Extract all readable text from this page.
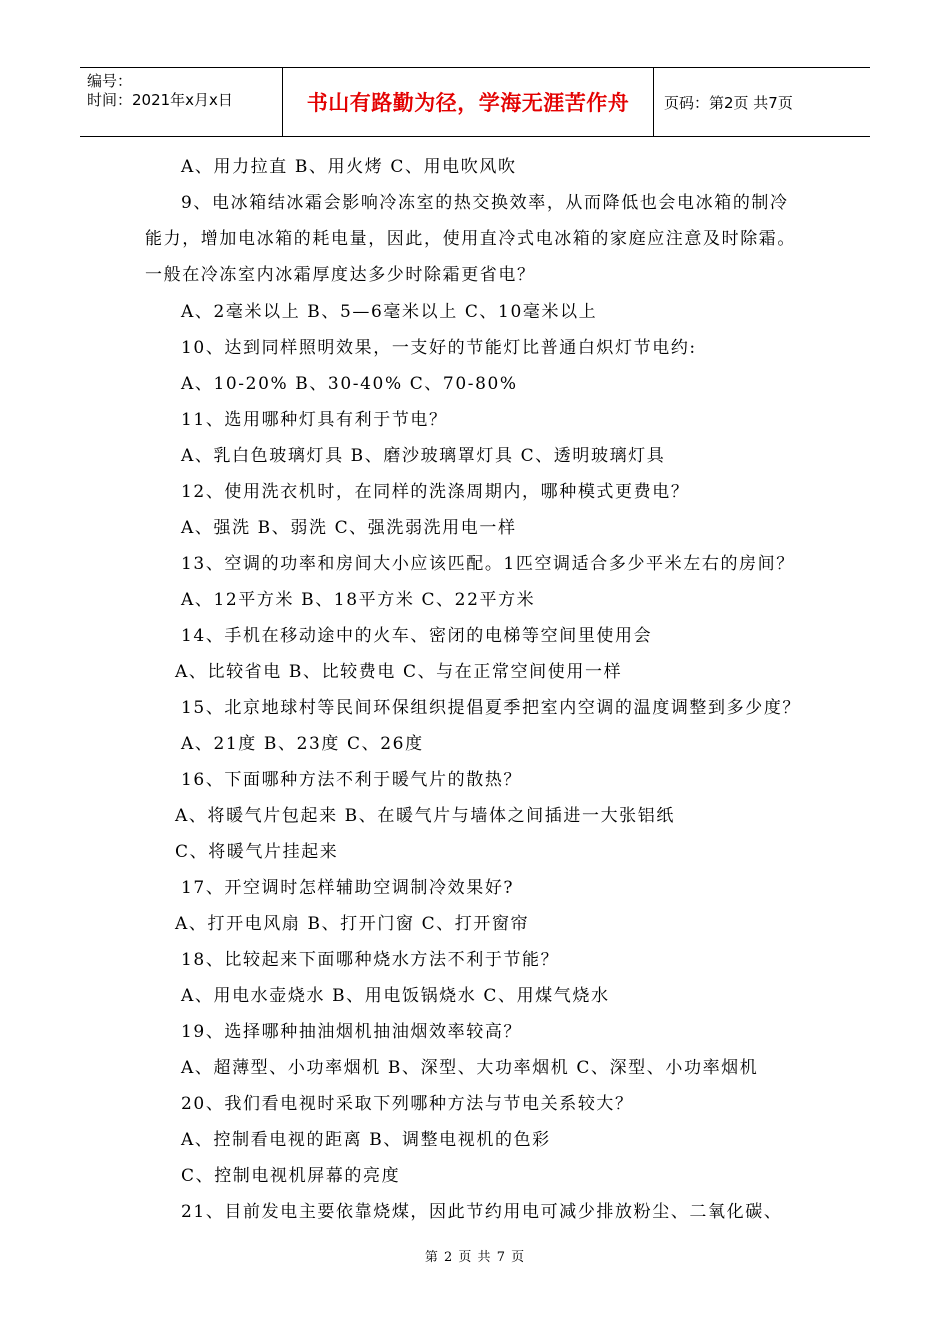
编号：
时间：2021年x月x日	书山有路勤为径，学海无涯苦作舟 页码：第2页 共7页
A、用力拉直 B、用火烤 C、用电吹风吹
9、电冰箱结冰霜会影响冷冻室的热交换效率，从而降低也会电冰箱的制冷
能力，增加电冰箱的耗电量，因此，使用直冷式电冰箱的家庭应注意及时除霜。
一般在冷冻室内冰霜厚度达多少时除霜更省电？
A、2毫米以上 B、5—6毫米以上 C、10毫米以上
10、达到同样照明效果，一支好的节能灯比普通白炽灯节电约:
A、10-20% B、30-40% C、70-80%
11、选用哪种灯具有利于节电？
A、乳白色玻璃灯具 B、磨沙玻璃罩灯具 C、透明玻璃灯具
12、使用洗衣机时，在同样的洗涤周期内，哪种模式更费电？
A、强洗 B、弱洗 C、强洗弱洗用电一样
13、空调的功率和房间大小应该匹配。1匹空调适合多少平米左右的房间？
A、12平方米 B、18平方米 C、22平方米
14、手机在移动途中的火车、密闭的电梯等空间里使用会
A、比较省电 B、比较费电 C、与在正常空间使用一样
15、北京地球村等民间环保组织提倡夏季把室内空调的温度调整到多少度？
A、21度 B、23度 C、26度
16、下面哪种方法不利于暖气片的散热？
A、将暖气片包起来 B、在暖气片与墙体之间插进一大张铝纸
C、将暖气片挂起来
17、开空调时怎样辅助空调制冷效果好?
A、打开电风扇 B、打开门窗 C、打开窗帘
18、比较起来下面哪种烧水方法不利于节能？
A、用电水壶烧水 B、用电饭锅烧水 C、用煤气烧水
19、选择哪种抽油烟机抽油烟效率较高？
A、超薄型、小功率烟机 B、深型、大功率烟机 C、深型、小功率烟机
20、我们看电视时采取下列哪种方法与节电关系较大？
A、控制看电视的距离 B、调整电视机的色彩
C、控制电视机屏幕的亮度
21、目前发电主要依靠烧煤，因此节约用电可减少排放粉尘、二氧化碳、
第 2 页 共 7 页
